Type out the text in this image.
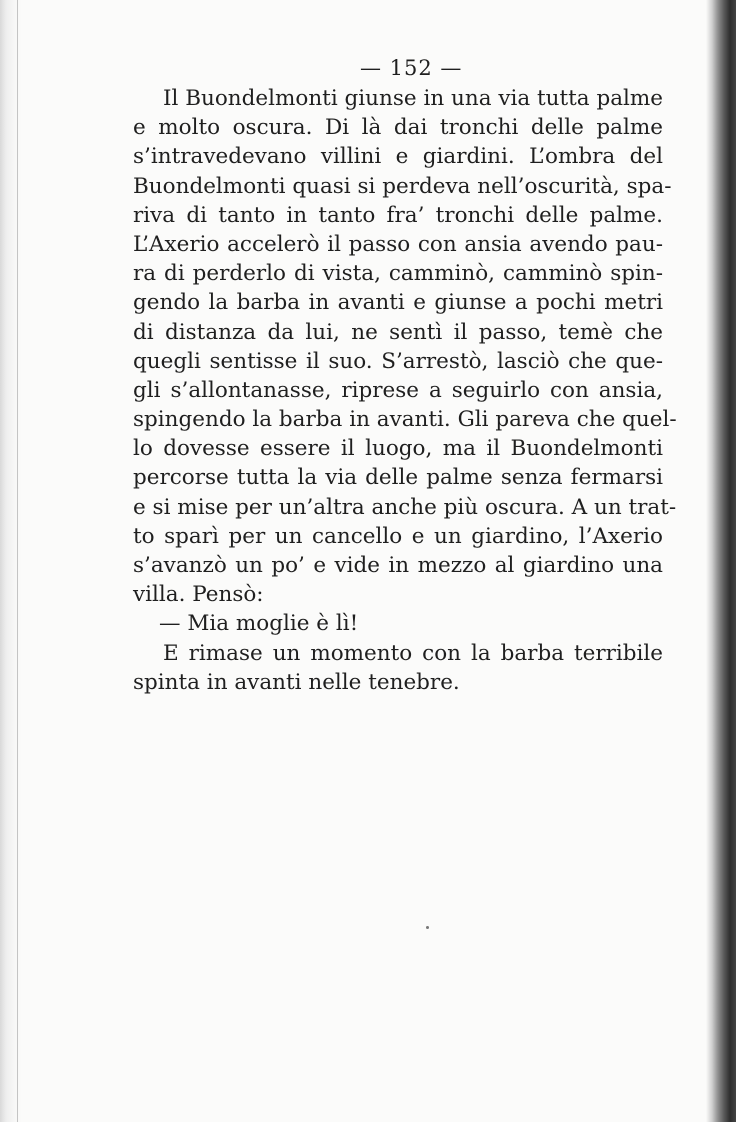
— 152 —
Il Buondelmonti giunse in una via tutta palme
e molto oscura. Di là dai tronchi delle palme
s’intravedevano villini e giardini. L’ombra del
Buondelmonti quasi si perdeva nell’oscurità, spa-
riva di tanto in tanto fra’ tronchi delle palme.
L’Axerio accelerò il passo con ansia avendo pau-
ra di perderlo di vista, camminò, camminò spin-
gendo la barba in avanti e giunse a pochi metri
di distanza da lui, ne sentì il passo, temè che
quegli sentisse il suo. S’arrestò, lasciò che que-
gli s’allontanasse, riprese a seguirlo con ansia,
spingendo la barba in avanti. Gli pareva che quel-
lo dovesse essere il luogo, ma il Buondelmonti
percorse tutta la via delle palme senza fermarsi
e si mise per un’altra anche più oscura. A un trat-
to sparì per un cancello e un giardino, l’Axerio
s’avanzò un po’ e vide in mezzo al giardino una
villa. Pensò:
— Mia moglie è lì!
E rimase un momento con la barba terribile
spinta in avanti nelle tenebre.
